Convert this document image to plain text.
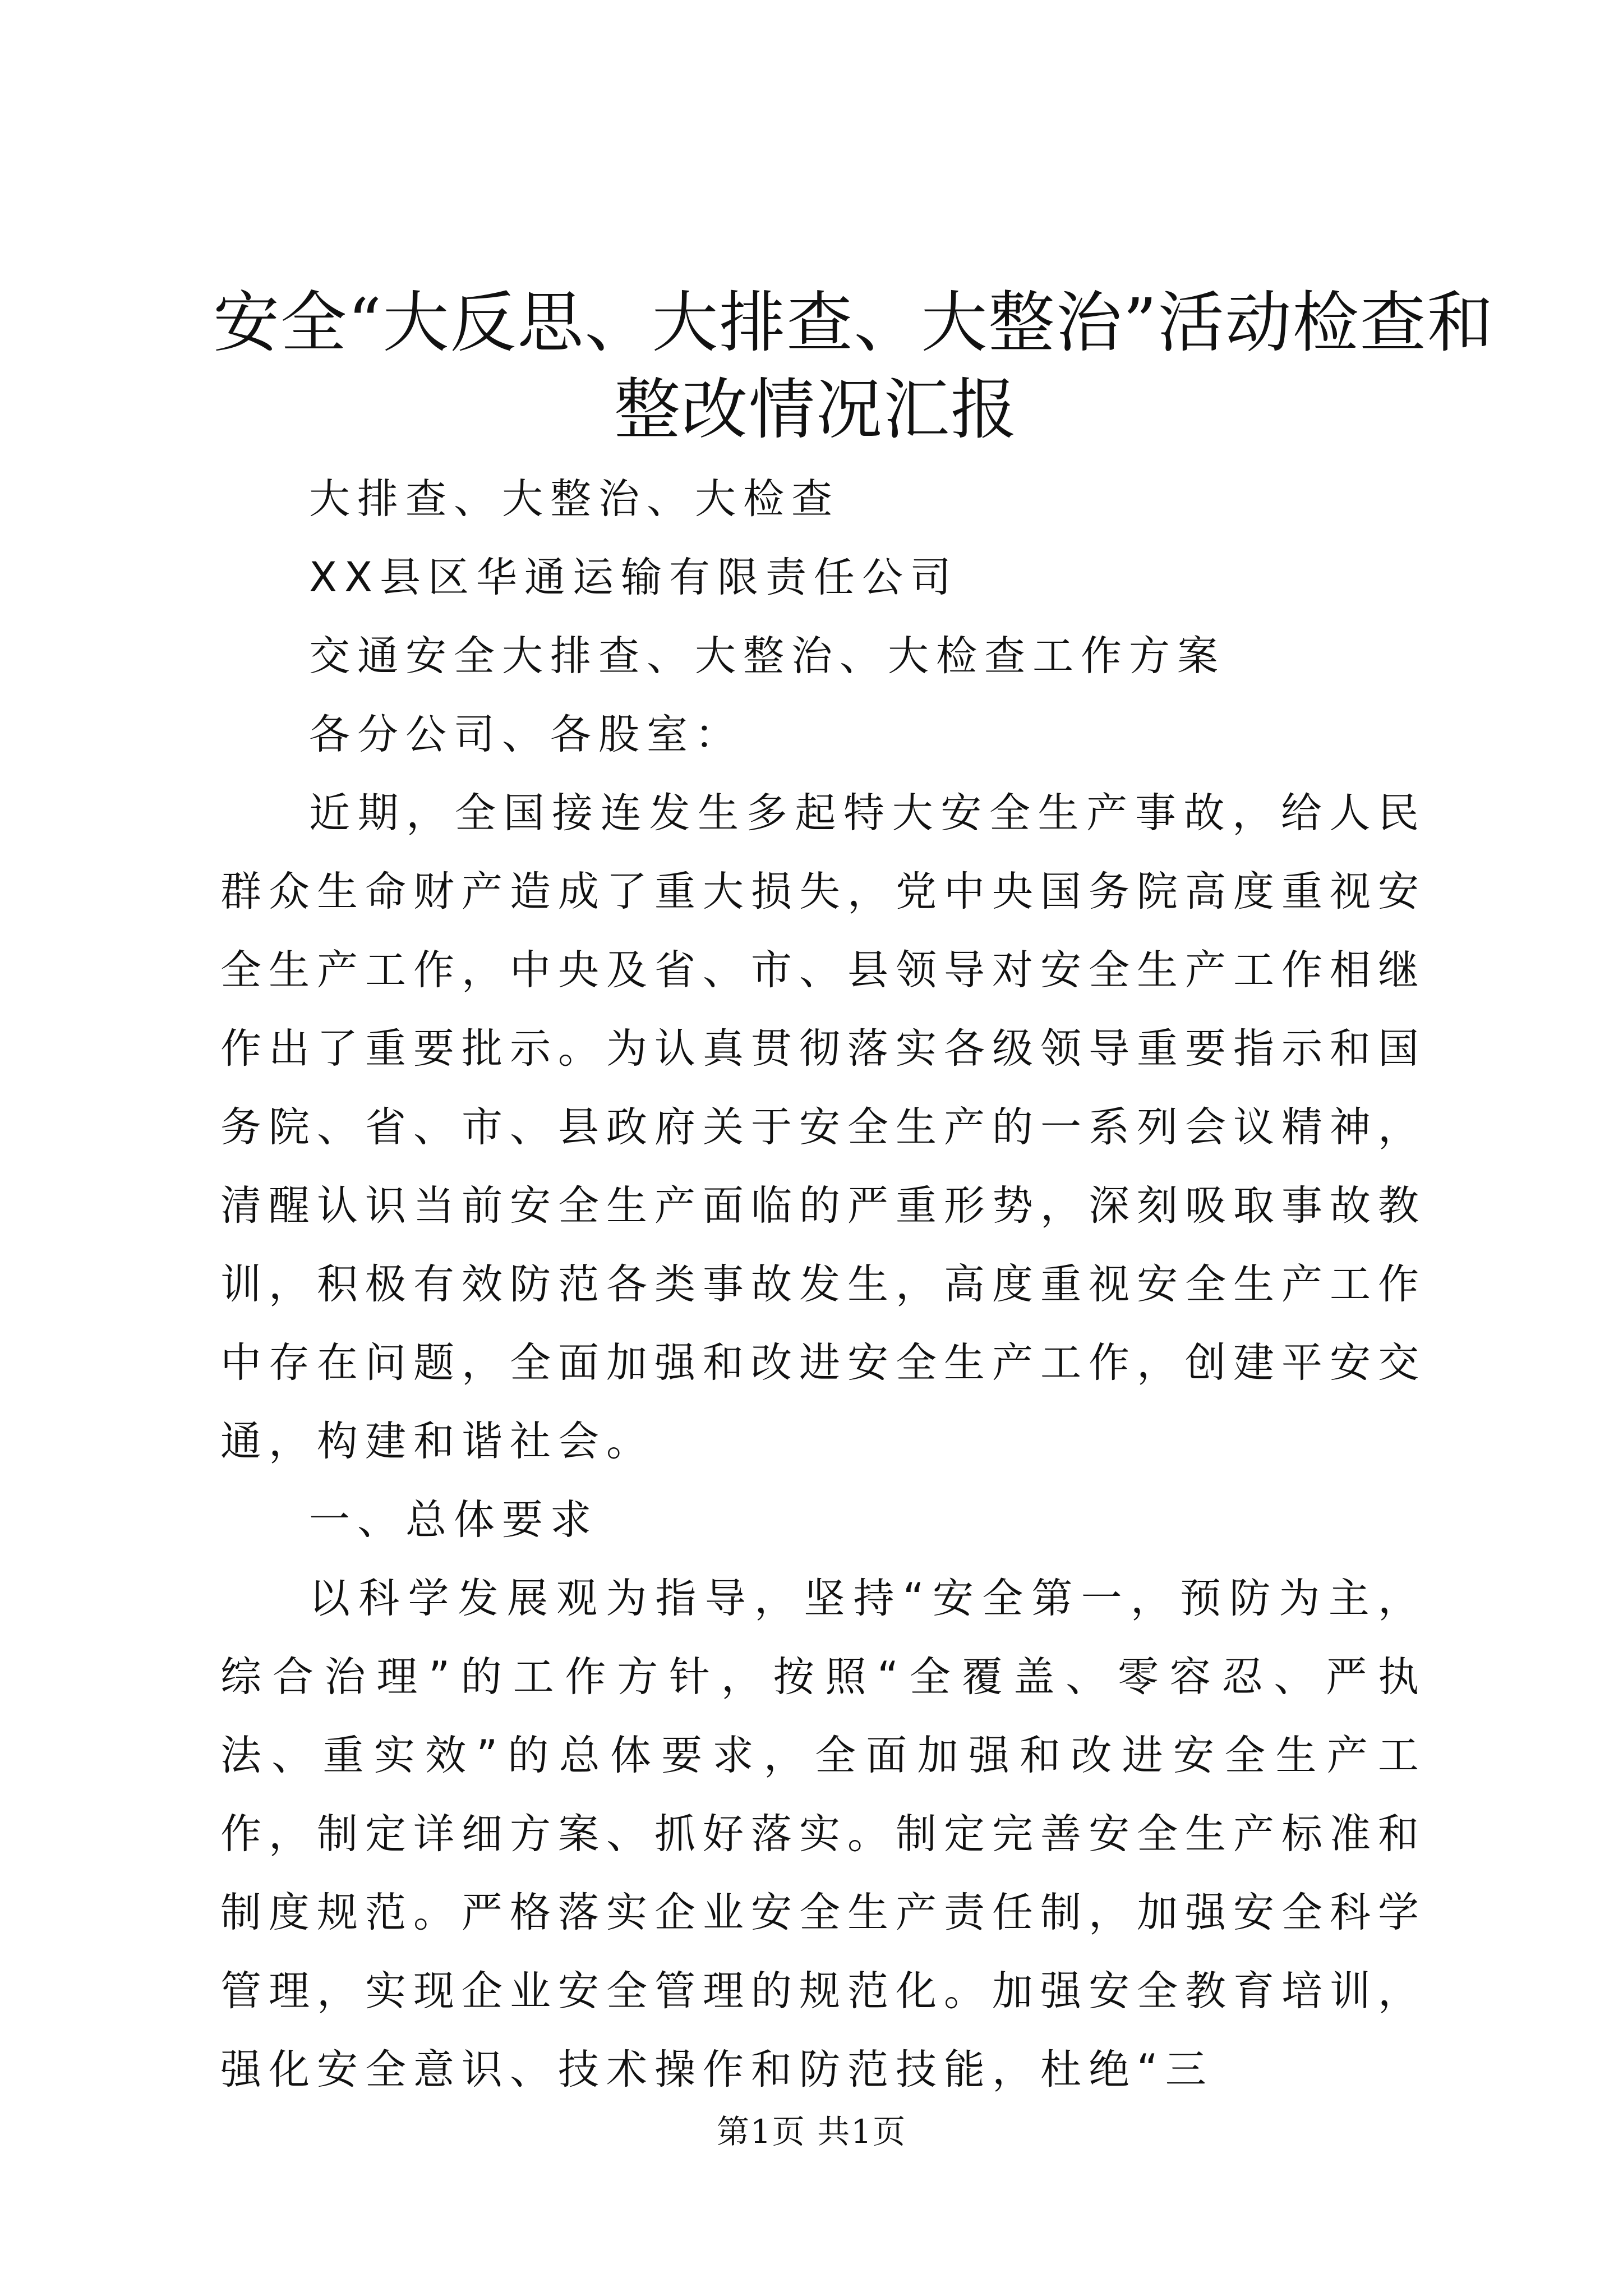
安全“大反思、大排查、大整治”活动检查和
整改情况汇报

大排查、大整治、大检查

XX县区华通运输有限责任公司

交通安全大排查、大整治、大检查工作方案

各分公司、各股室：

近期，全国接连发生多起特大安全生产事故，给人民群众生命财产造成了重大损失，党中央国务院高度重视安全生产工作，中央及省、市、县领导对安全生产工作相继作出了重要批示。为认真贯彻落实各级领导重要指示和国务院、省、市、县政府关于安全生产的一系列会议精神，清醒认识当前安全生产面临的严重形势，深刻吸取事故教训，积极有效防范各类事故发生，高度重视安全生产工作中存在问题，全面加强和改进安全生产工作，创建平安交通，构建和谐社会。

一、总体要求

以科学发展观为指导，坚持“安全第一，预防为主，综合治理”的工作方针，按照“全覆盖、零容忍、严执法、重实效”的总体要求，全面加强和改进安全生产工作，制定详细方案、抓好落实。制定完善安全生产标准和制度规范。严格落实企业安全生产责任制，加强安全科学管理，实现企业安全管理的规范化。加强安全教育培训，强化安全意识、技术操作和防范技能，杜绝“三

第1页 共1页
